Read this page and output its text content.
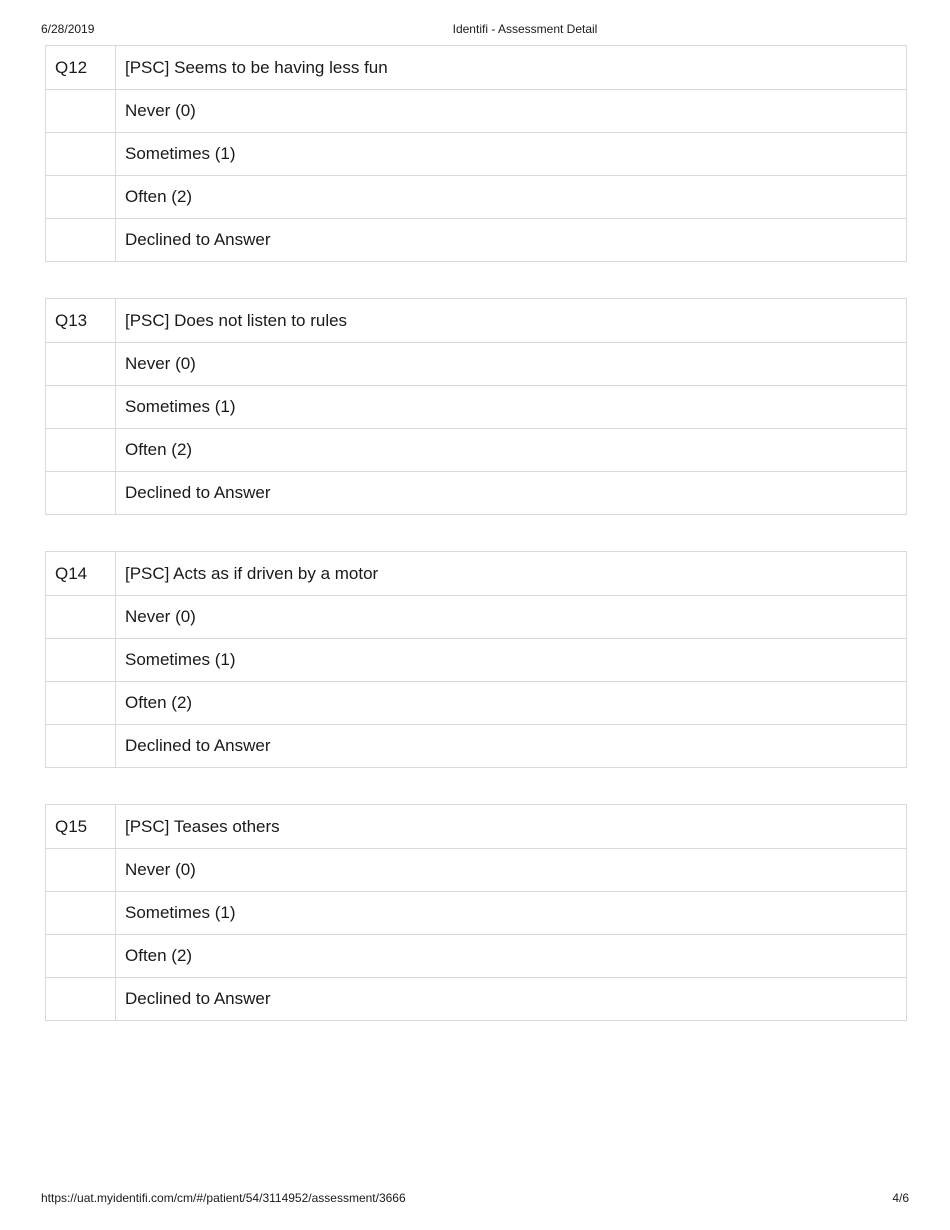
6/28/2019	Identifi - Assessment Detail
Q12	[PSC] Seems to be having less fun
	Never (0)
	Sometimes (1)
	Often (2)
	Declined to Answer
Q13	[PSC] Does not listen to rules
	Never (0)
	Sometimes (1)
	Often (2)
	Declined to Answer
Q14	[PSC] Acts as if driven by a motor
	Never (0)
	Sometimes (1)
	Often (2)
	Declined to Answer
Q15	[PSC] Teases others
	Never (0)
	Sometimes (1)
	Often (2)
	Declined to Answer
https://uat.myidentifi.com/cm/#/patient/54/3114952/assessment/3666	4/6
